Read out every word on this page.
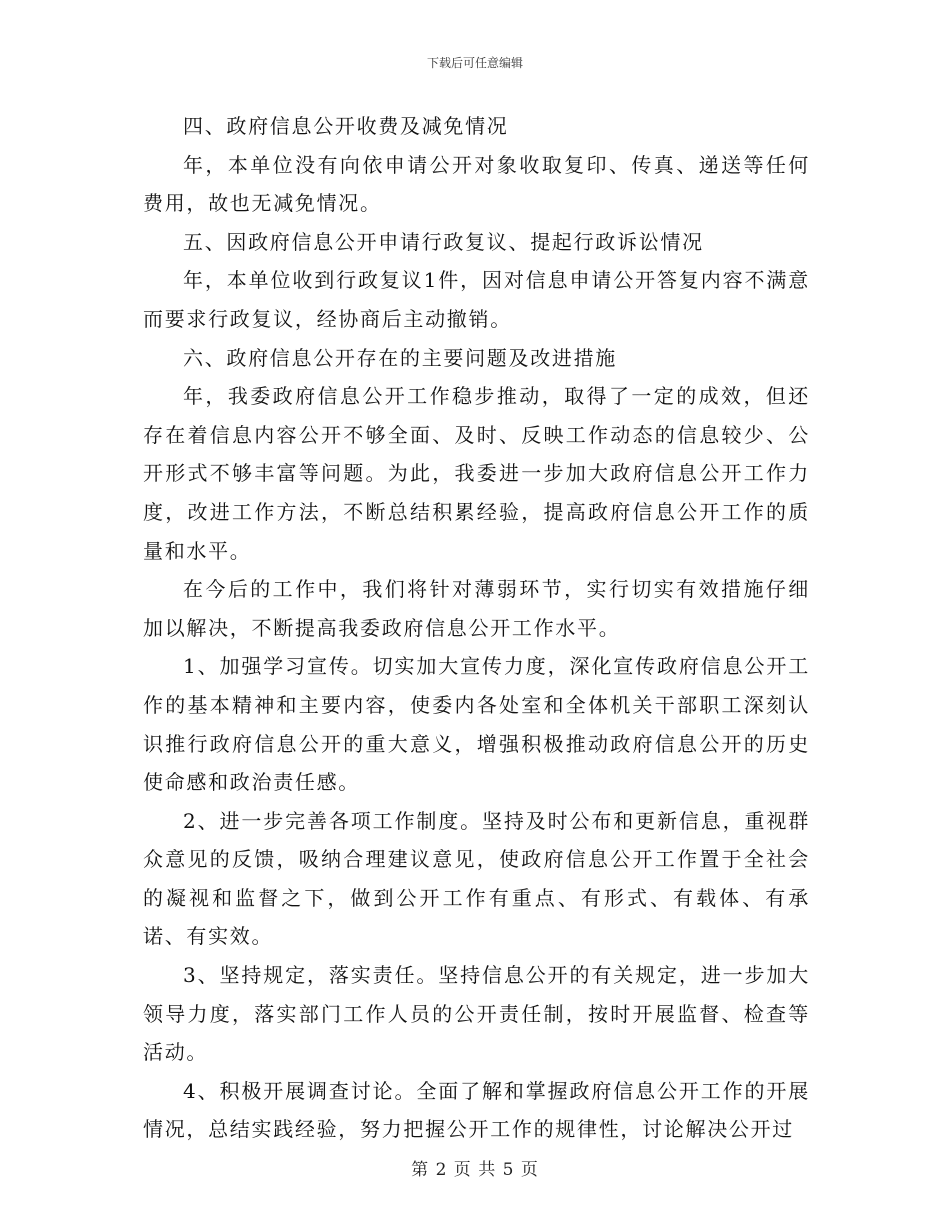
下载后可任意编辑

四、政府信息公开收费及减免情况

年，本单位没有向依申请公开对象收取复印、传真、递送等任何费用，故也无减免情况。

五、因政府信息公开申请行政复议、提起行政诉讼情况

年，本单位收到行政复议1件，因对信息申请公开答复内容不满意而要求行政复议，经协商后主动撤销。

六、政府信息公开存在的主要问题及改进措施

年，我委政府信息公开工作稳步推动，取得了一定的成效，但还存在着信息内容公开不够全面、及时、反映工作动态的信息较少、公开形式不够丰富等问题。为此，我委进一步加大政府信息公开工作力度，改进工作方法，不断总结积累经验，提高政府信息公开工作的质量和水平。

在今后的工作中，我们将针对薄弱环节，实行切实有效措施仔细加以解决，不断提高我委政府信息公开工作水平。

1、加强学习宣传。切实加大宣传力度，深化宣传政府信息公开工作的基本精神和主要内容，使委内各处室和全体机关干部职工深刻认识推行政府信息公开的重大意义，增强积极推动政府信息公开的历史使命感和政治责任感。

2、进一步完善各项工作制度。坚持及时公布和更新信息，重视群众意见的反馈，吸纳合理建议意见，使政府信息公开工作置于全社会的凝视和监督之下，做到公开工作有重点、有形式、有载体、有承诺、有实效。

3、坚持规定，落实责任。坚持信息公开的有关规定，进一步加大领导力度，落实部门工作人员的公开责任制，按时开展监督、检查等活动。

4、积极开展调查讨论。全面了解和掌握政府信息公开工作的开展情况，总结实践经验，努力把握公开工作的规律性，讨论解决公开过

第 2 页 共 5 页
